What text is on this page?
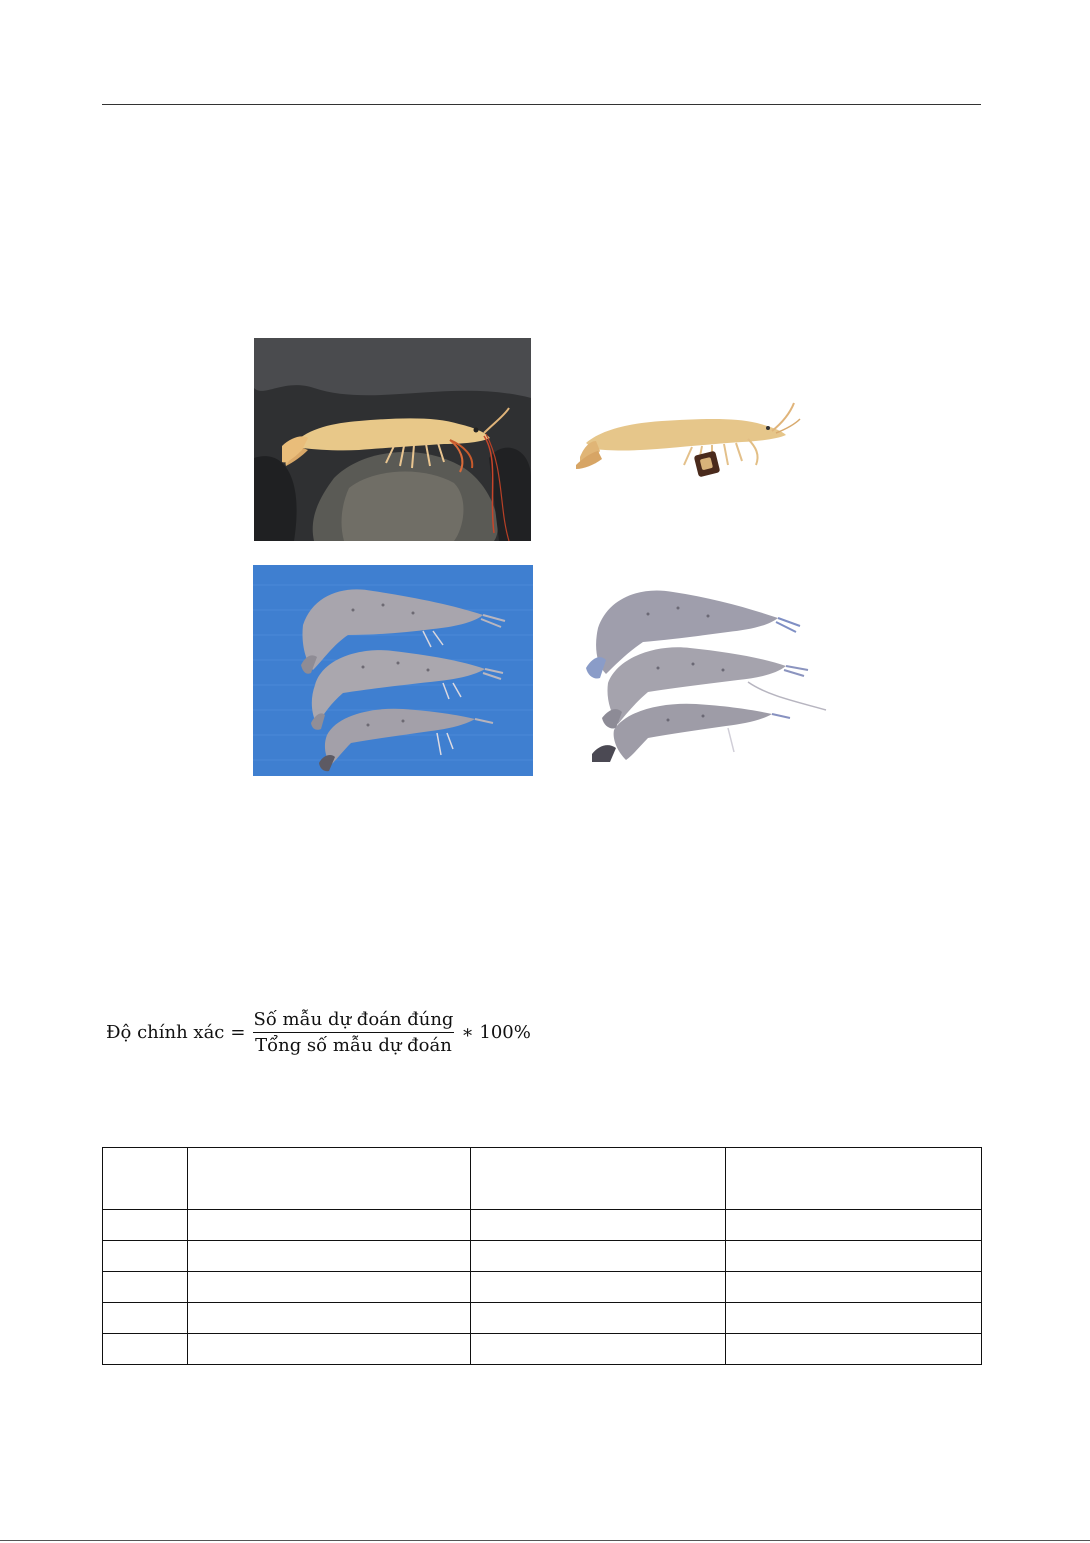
Độ chính xác = $\frac{\text{Số mẫu dự đoán đúng}}{\text{Tổng số mẫu dự đoán}}$ ∗ 100%
